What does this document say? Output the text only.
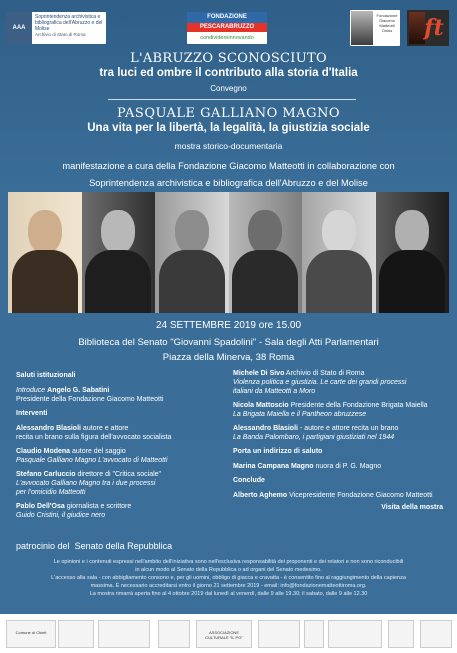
AAA
Soprintendenza archivistica e bibliografica dell'Abruzzo e del Molise
Archivio di Stato di Roma
FONDAZIONE
PESCARABRUZZO
condividereinnovando
Fondazione Giacomo Matteotti Onlus	ft
L'ABRUZZO SCONOSCIUTO
tra luci ed ombre il contributo alla storia d'Italia
Convegno
PASQUALE GALLIANO MAGNO
Una vita per la libertà, la legalità, la giustizia sociale
mostra storico-documentaria
manifestazione a cura della Fondazione Giacomo Matteotti in collaborazione con
Soprintendenza archivistica e bibliografica dell'Abruzzo e del Molise
24 SETTEMBRE 2019 ore 15.00
Biblioteca del Senato "Giovanni Spadolini" - Sala degli Atti Parlamentari
Piazza della Minerva, 38 Roma
Saluti istituzionali
Introduce Angelo G. Sabatini
Presidente della Fondazione Giacomo Matteotti
Interventi
Alessandro Blasioli autore e attore
recita un brano sulla figura dell'avvocato socialista
Claudio Modena autore del saggio
Pasquale Galliano Magno L'avvocato di Matteotti
Stefano Carluccio direttore di "Critica sociale"
L'avvocato Galliano Magno tra i due processi
per l'omicidio Matteotti
Pablo Dell'Osa giornalista e scrittore
Guido Cristini, il giudice nero
Michele Di Sivo Archivio di Stato di Roma
Violenza politica e giustizia. Le carte dei grandi processi
italiani da Matteotti a Moro
Nicola Mattoscio Presidente della Fondazione Brigata Maiella
La Brigata Maiella e il Pantheon abruzzese
Alessandro Blasioli - autore e attore recita un brano
La Banda Palombaro, i partigiani giustiziati nel 1944
Porta un indirizzo di saluto
Marina Campana Magno nuora di P. G. Magno
Conclude
Alberto Aghemo Vicepresidente Fondazione Giacomo Matteotti
Visita della mostra
patrocinio del Senato della Repubblica
Le opinioni e i contenuti espressi nell'ambito dell'iniziativa sono nell'esclusiva responsabilità dei proponenti e dei relatori e non sono riconducibili
in alcun modo al Senato della Repubblica o ad organi del Senato medesimo.
L'accesso alla sala - con abbigliamento consono e, per gli uomini, obbligo di giacca e cravatta - è consentito fino al raggiungimento della capienza
massima. È necessario accreditarsi entro il giorno 21 settembre 2019 - email: info@fondazionematteottiroma.org.
La mostra rimarrà aperta fino al 4 ottobre 2019 dal lunedì al venerdì, dalle 9 alle 19.30; il sabato, dalle 9 alle 12.30
Comune di Chieti	ASSOCIAZIONE CULTURALE "IL PO"
